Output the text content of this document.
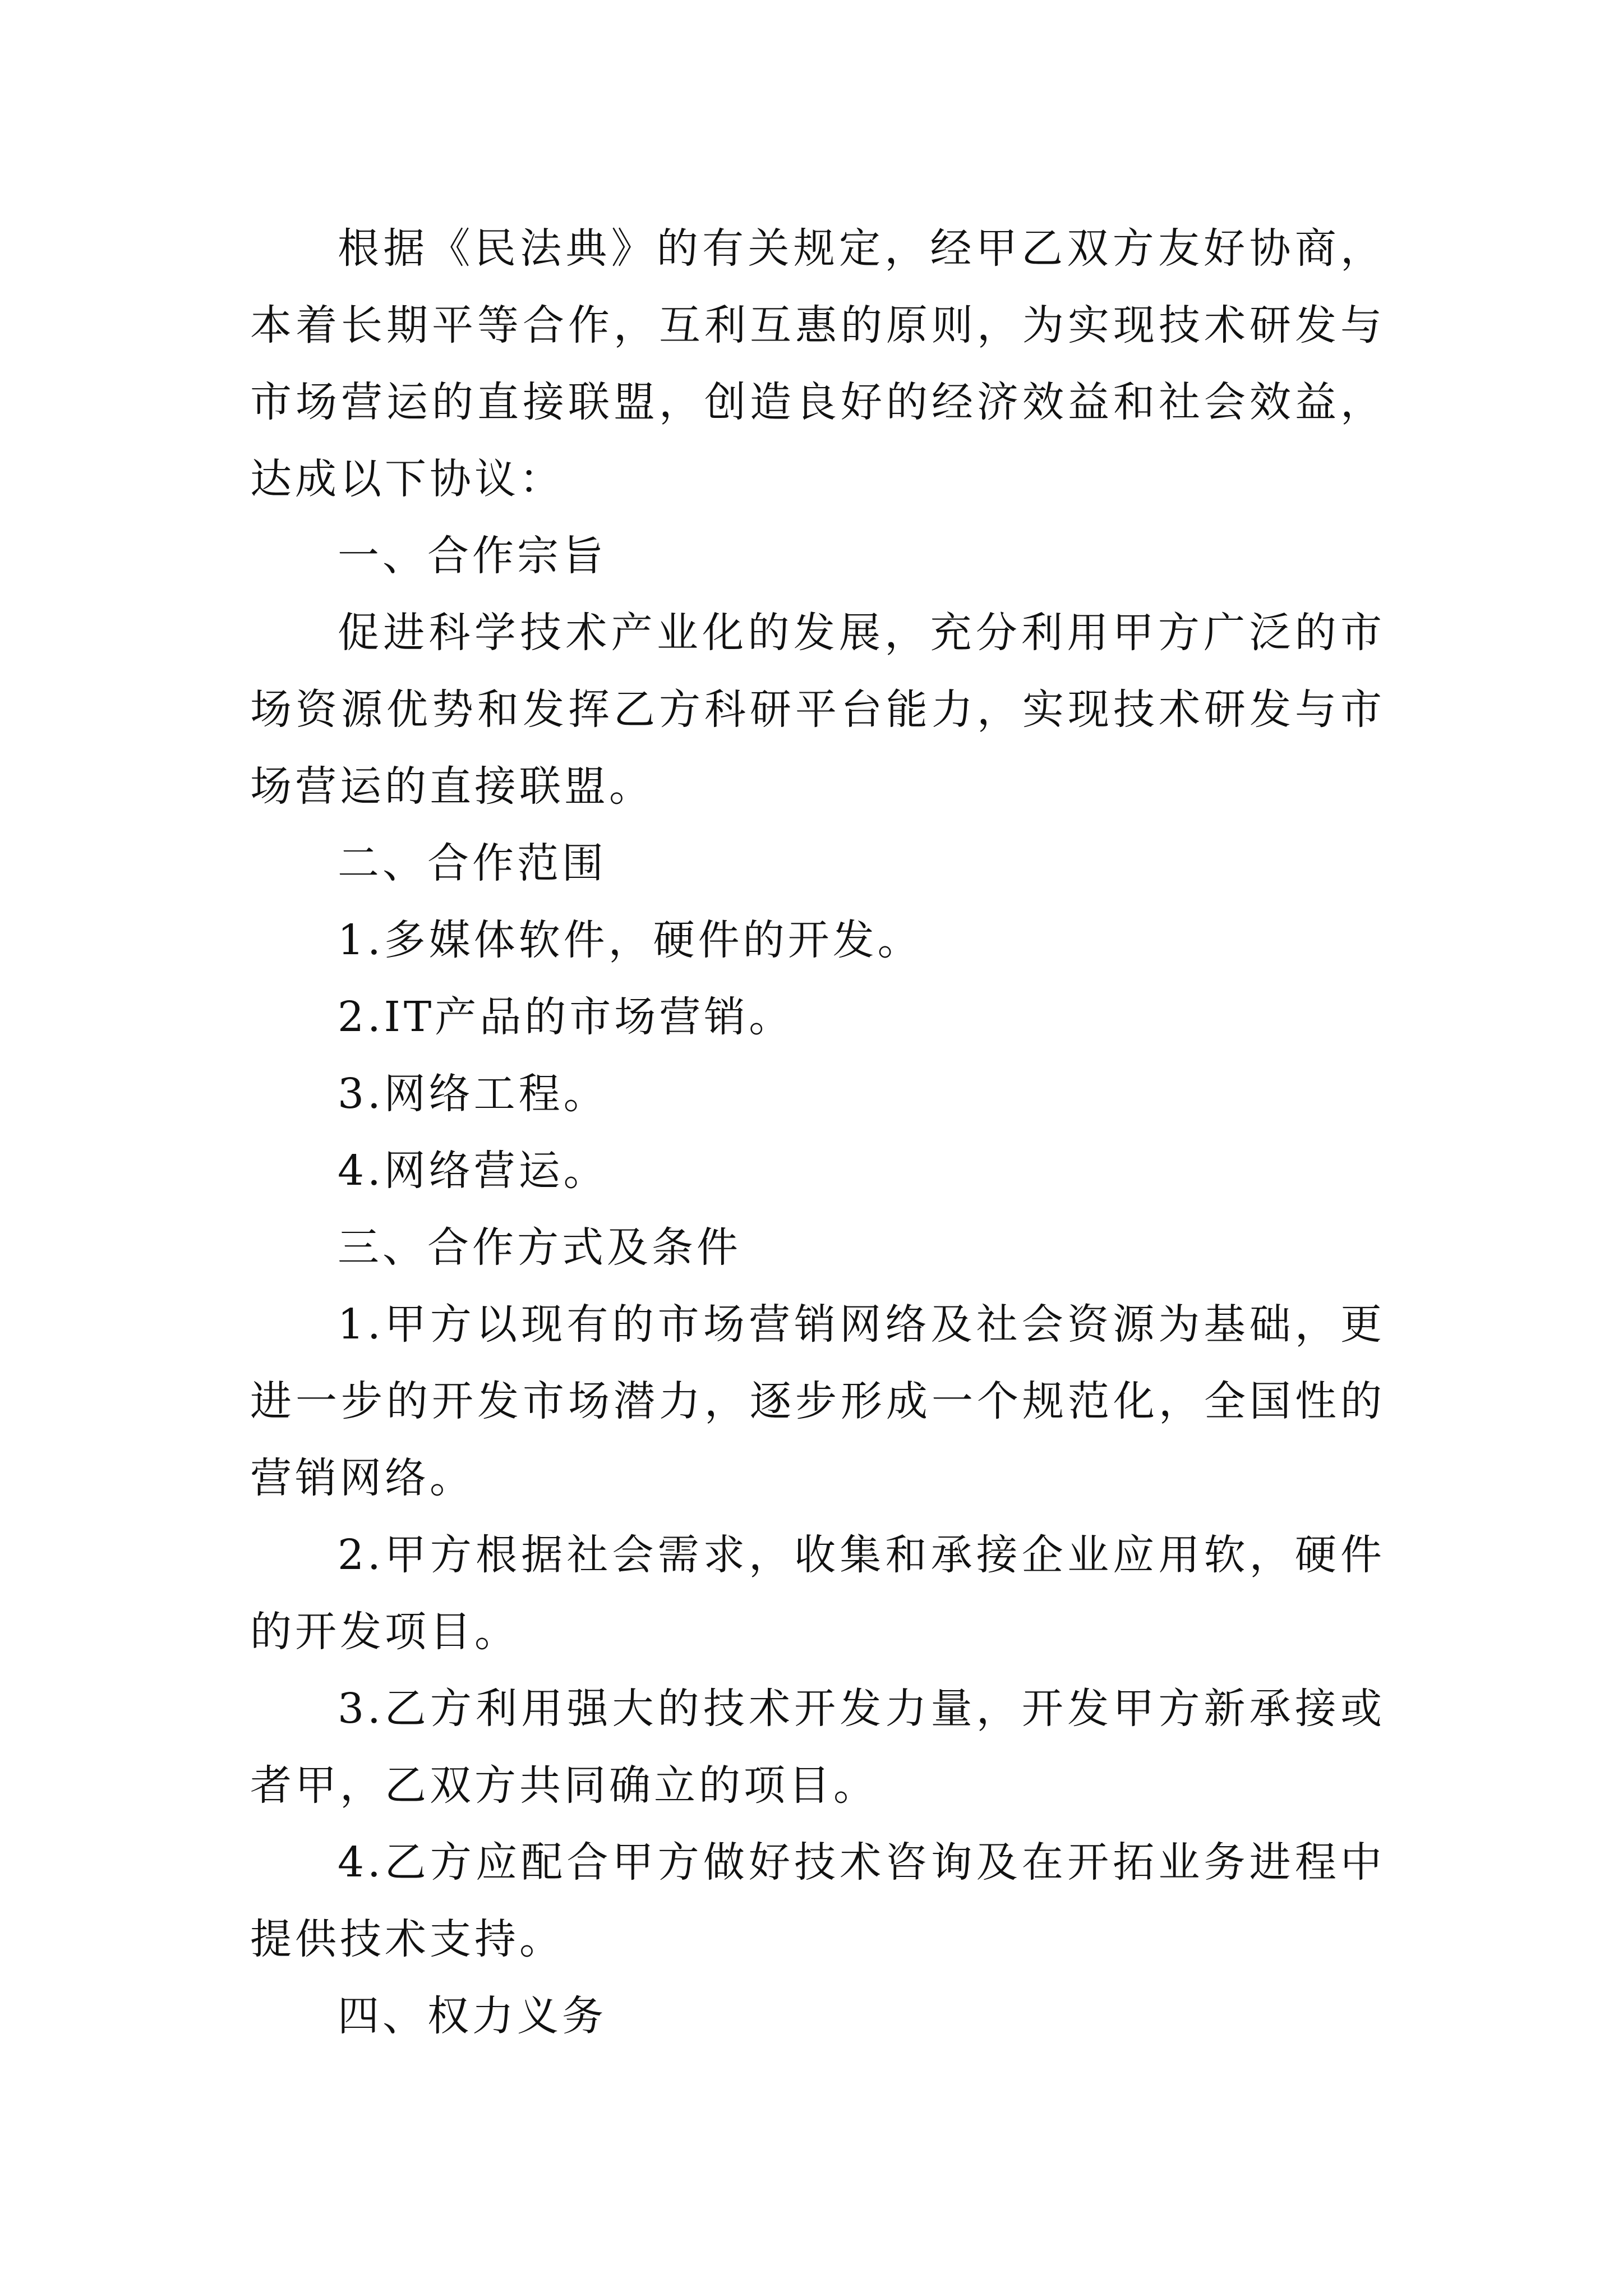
根据《民法典》的有关规定，经甲乙双方友好协商，本着长期平等合作，互利互惠的原则，为实现技术研发与市场营运的直接联盟，创造良好的经济效益和社会效益，达成以下协议：

一、合作宗旨

促进科学技术产业化的发展，充分利用甲方广泛的市场资源优势和发挥乙方科研平台能力，实现技术研发与市场营运的直接联盟。

二、合作范围

1.多媒体软件，硬件的开发。

2.IT产品的市场营销。

3.网络工程。

4.网络营运。

三、合作方式及条件

1.甲方以现有的市场营销网络及社会资源为基础，更进一步的开发市场潜力，逐步形成一个规范化，全国性的营销网络。

2.甲方根据社会需求，收集和承接企业应用软，硬件的开发项目。

3.乙方利用强大的技术开发力量，开发甲方新承接或者甲，乙双方共同确立的项目。

4.乙方应配合甲方做好技术咨询及在开拓业务进程中提供技术支持。

四、权力义务
